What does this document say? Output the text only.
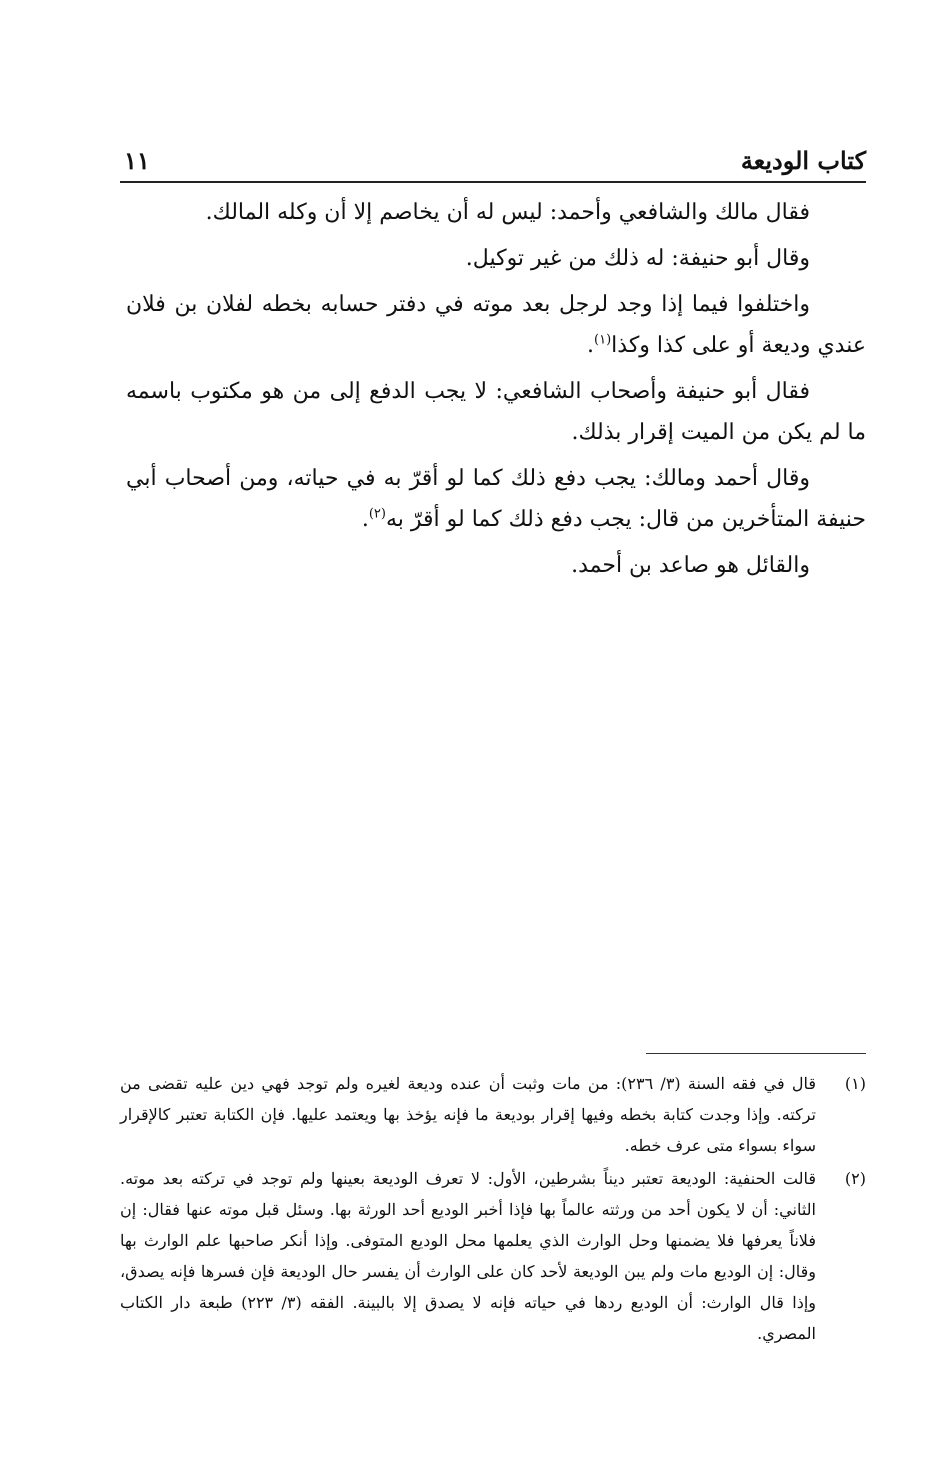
كتاب الوديعة
١١

فقال مالك والشافعي وأحمد: ليس له أن يخاصم إلا أن وكله المالك.

وقال أبو حنيفة: له ذلك من غير توكيل.

واختلفوا فيما إذا وجد لرجل بعد موته في دفتر حسابه بخطه لفلان بن فلان عندي وديعة أو على كذا وكذا$^{(١)}$.

فقال أبو حنيفة وأصحاب الشافعي: لا يجب الدفع إلى من هو مكتوب باسمه ما لم يكن من الميت إقرار بذلك.

وقال أحمد ومالك: يجب دفع ذلك كما لو أقرّ به في حياته، ومن أصحاب أبي حنيفة المتأخرين من قال: يجب دفع ذلك كما لو أقرّ به$^{(٢)}$.

والقائل هو صاعد بن أحمد.

(١)
قال في فقه السنة (٣/ ٢٣٦): من مات وثبت أن عنده وديعة لغيره ولم توجد فهي دين عليه تقضى من تركته. وإذا وجدت كتابة بخطه وفيها إقرار بوديعة ما فإنه يؤخذ بها ويعتمد عليها. فإن الكتابة تعتبر كالإقرار سواء بسواء متى عرف خطه.
(٢)
قالت الحنفية: الوديعة تعتبر ديناً بشرطين، الأول: لا تعرف الوديعة بعينها ولم توجد في تركته بعد موته. الثاني: أن لا يكون أحد من ورثته عالماً بها فإذا أخبر الوديع أحد الورثة بها. وسئل قبل موته عنها فقال: إن فلاناً يعرفها فلا يضمنها وحل الوارث الذي يعلمها محل الوديع المتوفى. وإذا أنكر صاحبها علم الوارث بها وقال: إن الوديع مات ولم يبن الوديعة لأحد كان على الوارث أن يفسر حال الوديعة فإن فسرها فإنه يصدق، وإذا قال الوارث: أن الوديع ردها في حياته فإنه لا يصدق إلا بالبينة. الفقه (٣/ ٢٢٣) طبعة دار الكتاب المصري.
